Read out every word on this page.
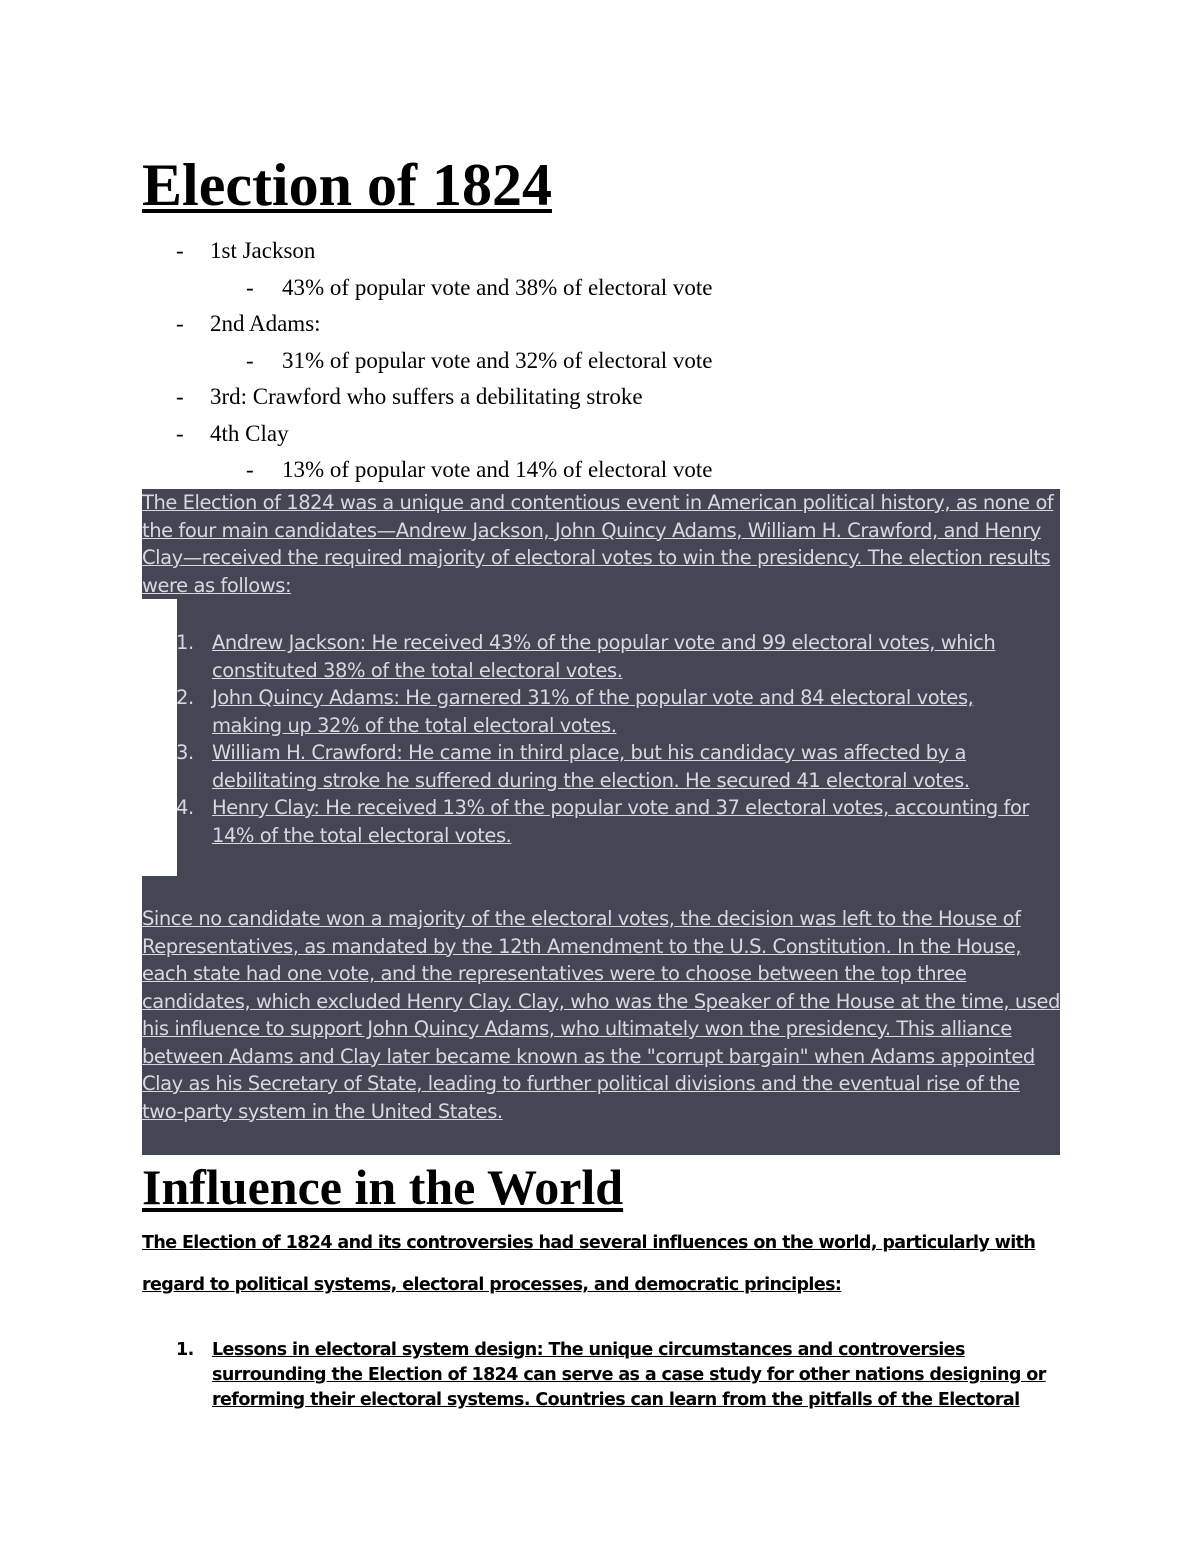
Election of 1824
- 1st Jackson
- 43% of popular vote and 38% of electoral vote
- 2nd Adams:
- 31% of popular vote and 32% of electoral vote
- 3rd: Crawford who suffers a debilitating stroke
- 4th Clay
- 13% of popular vote and 14% of electoral vote

The Election of 1824 was a unique and contentious event in American political history, as none of the four main candidates—Andrew Jackson, John Quincy Adams, William H. Crawford, and Henry Clay—received the required majority of electoral votes to win the presidency. The election results were as follows:

1. Andrew Jackson: He received 43% of the popular vote and 99 electoral votes, which constituted 38% of the total electoral votes.
2. John Quincy Adams: He garnered 31% of the popular vote and 84 electoral votes, making up 32% of the total electoral votes.
3. William H. Crawford: He came in third place, but his candidacy was affected by a debilitating stroke he suffered during the election. He secured 41 electoral votes.
4. Henry Clay: He received 13% of the popular vote and 37 electoral votes, accounting for 14% of the total electoral votes.

Since no candidate won a majority of the electoral votes, the decision was left to the House of Representatives, as mandated by the 12th Amendment to the U.S. Constitution. In the House, each state had one vote, and the representatives were to choose between the top three candidates, which excluded Henry Clay. Clay, who was the Speaker of the House at the time, used his influence to support John Quincy Adams, who ultimately won the presidency. This alliance between Adams and Clay later became known as the "corrupt bargain" when Adams appointed Clay as his Secretary of State, leading to further political divisions and the eventual rise of the two-party system in the United States.

Influence in the World

The Election of 1824 and its controversies had several influences on the world, particularly with regard to political systems, electoral processes, and democratic principles:

1. Lessons in electoral system design: The unique circumstances and controversies surrounding the Election of 1824 can serve as a case study for other nations designing or reforming their electoral systems. Countries can learn from the pitfalls of the Electoral
